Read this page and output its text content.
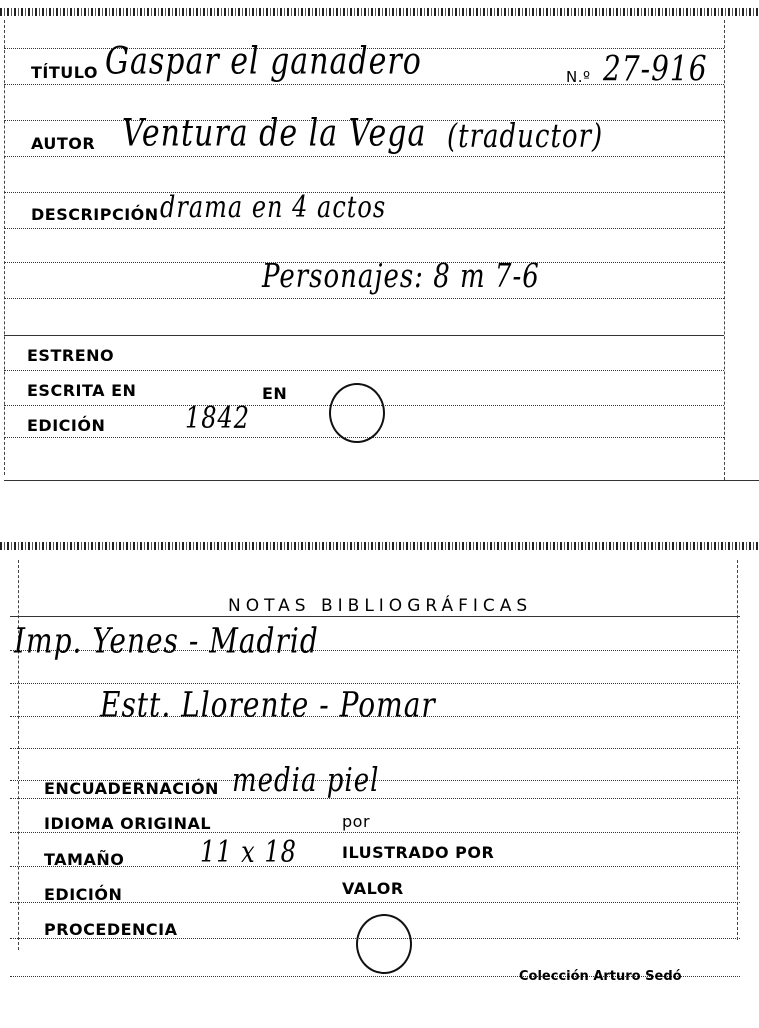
TÍTULO Gaspar el ganadero	N.º 27-916
AUTOR Ventura de la Vega (traductor)
DESCRIPCIÓN drama en 4 actos
Personajes: 8 m 7-6
ESTRENO
ESCRITA EN	EN
EDICIÓN	1842
NOTAS BIBLIOGRÁFICAS
Imp. Yenes - Madrid
Estt. Llorente - Pomar
ENCUADERNACIÓN media piel
IDIOMA ORIGINAL	por
TAMAÑO	11 x 18	ILUSTRADO POR
EDICIÓN	VALOR
PROCEDENCIA
Colección Arturo Sedó
